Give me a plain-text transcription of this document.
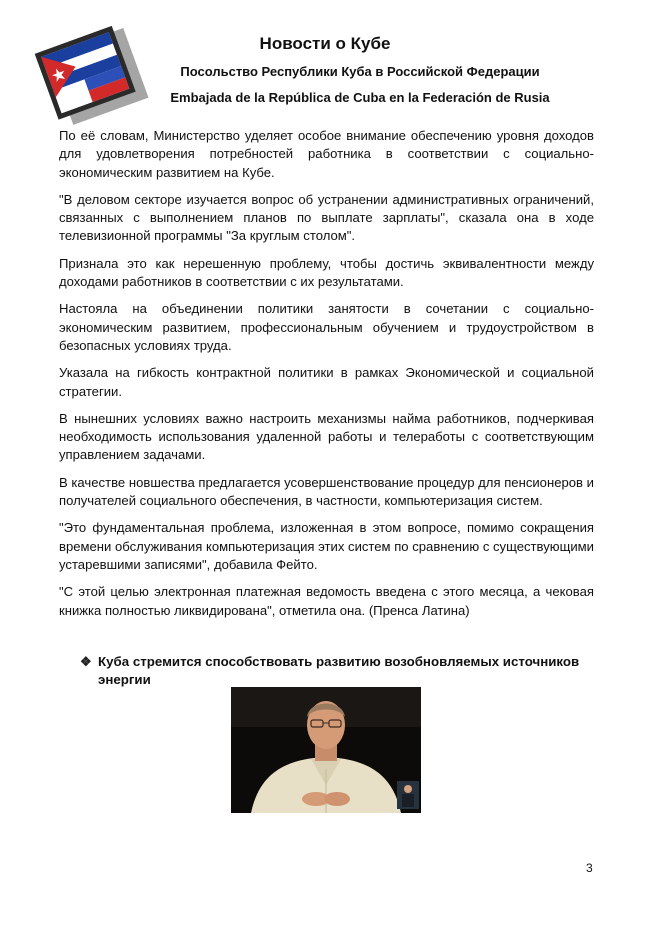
Новости о Кубе

Посольство Республики Куба в Российской Федерации

Embajada de la República de Cuba en la Federación de Rusia

По её словам, Министерство уделяет особое внимание обеспечению уровня доходов для удовлетворения потребностей работника в соответствии с социально-экономическим развитием на Кубе.

"В деловом секторе изучается вопрос об устранении административных ограничений, связанных с выполнением планов по выплате зарплаты", сказала она в ходе телевизионной программы "За круглым столом".

Признала это как нерешенную проблему, чтобы достичь эквивалентности между доходами работников в соответствии с их результатами.

Настояла на объединении политики занятости в сочетании с социально-экономическим развитием, профессиональным обучением и трудоустройством в безопасных условиях труда.

Указала на гибкость контрактной политики в рамках Экономической и социальной стратегии.

В нынешних условиях важно настроить механизмы найма работников, подчеркивая необходимость использования удаленной работы и телеработы с соответствующим управлением задачами.

В качестве новшества предлагается усовершенствование процедур для пенсионеров и получателей социального обеспечения, в частности, компьютеризация систем.

"Это фундаментальная проблема, изложенная в этом вопросе, помимо сокращения времени обслуживания компьютеризация этих систем по сравнению с существующими устаревшими записями", добавила Фейто.

"С этой целью электронная платежная ведомость введена с этого месяца, а чековая книжка полностью ликвидирована", отметила она. (Пренса Латина)

❖ Куба стремится способствовать развитию возобновляемых источников энергии
3
